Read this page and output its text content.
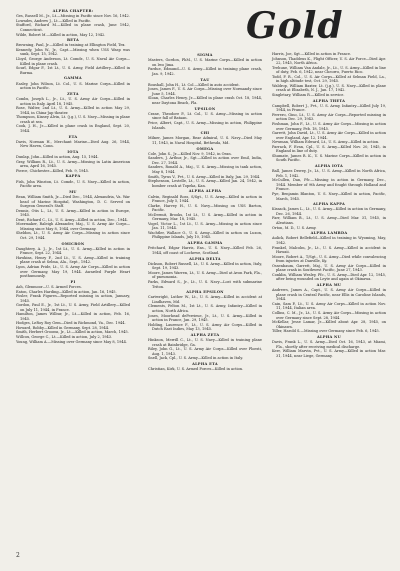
Gold
ALPHA CHAPTER:
Ges, Russell M., Jr., Lt.—Missing in Pacific since Nov. 16, 1942.
Lowndes, Andrew J., Lt.—Killed in Pacific.
Stafford, Richard M.—Killed in plane crash, June 1942, Connecticut.
Wilde, Robert M.—Killed in action, May 12, 1942.
BETA
Browning, Paul, Jr.—Killed in training at Ellington Field, Tex.
Kennedy, John W., Jr., Capt.—Missing when USS Wasp was sunk, Sept. 15, 1942.
Lloyd, George Anderson, Lt. Comdr., U. S. Naval Air Corps—Killed in plane crash.
Sourl, Edgar F., 1st Lt., U. S. Army, Field Artillery—Killed in Burma.
GAMMA
Easley, John Wilson, Lt. Col., U. S. Marine Corps—Killed in action in Pacific.
ZETA
Combs, Joseph L., Jr., Lt., U. S. Army Air Corps—Killed in action in Italy, April 18, 1945.
Rose, Walter, 2nd Lt., U. S. Army—Killed in action May 29, 1944, in China-Jap theater.
Thompson, Kinsey Alvin, Lt. (j.g.), U. S. Navy—Missing in plane crash at sea.
Cook, J. H., Jr.—Killed in plane crash in England, Sept. 20, 1944.
ETA
Davis, Norman H., Merchant Marine—Died Aug. 26, 1944, New Haven, Conn.
IOTA
Dunlap, John—Killed in action, Aug. 15, 1944.
Gray, William R., Lt., U. S. Army—Missing in Latin American area, April 16, 1945.
Pierce, Chichester—Killed, Feb. 9, 1945.
KAPPA
Fish, John Winston, Lt. Comdr., U. S. Navy—Killed in action, Pacific area.
MU
Bean, William Smith, Jr.—Died Dec., 1944, Alexandria, Va. War head of Marine Hospital, Washington, D. C. Served on Surgeon General's Staff.
Dennis, Otis L., Lt., U. S. Army—Killed in action in Europe, 1945.
Dent, Richard C., Lt., U. S. Army—Killed in action, Dec., 1944.
Moermaker, Raleigh Alexander, Maj., U. S. Army Air Corps—Missing since May 8, 1944, over Germany.
Sheldon, Lt., U. S. Army Air Corps—Missing in action since Oct. 29, 1944.
OMICRON
Daughtery, A. J., Jr., 1st Lt., U. S. Army—Killed in action in France, Sept. 22, 1944.
Hawkins, Henry F., 2nd Lt., U. S. Army—Killed in training plane crash at Selma, Ala., Sept., 1942.
Lyon, Adrian Pride, Lt., U. S. Army Air Corps—Killed in action over Germany, May 19, 1944. Awarded Purple Heart posthumously.
PI
Ash, Glenmoor—U. S. Armed Forces.
Eaton, Charles Harding—Killed in action, Jan. 16, 1945.
Fosler, Frank Figures—Reported missing in action, January, 1945.
Gordon, Paul E., Jr., 1st Lt., U. S. Army, Field Artillery—Killed on July 11, 1944, in France.
Hamilton, James Wilbur, Jr., Lt.—Killed in action, Feb. 16, 1945.
Hodges, LeRoy Roy Gem—Died in Richmond, Va., Dec. 1944.
Howard, Robby—Killed in Germany, Sept. 28, 1944.
Smith, Herbert Grooms, Jr., Lt.—Killed in action, March, 1945.
Willcox, George C., Lt.—Killed in action, July 2, 1943.
Young, William A.—Missing over Germany since May 8, 1944.
SIGMA
Masters, Gordon, PhM., U. S. Marine Corps—Killed in action on Iwo Jima.
Pardue, Edmund—U. S. Army—Killed in training plane crash, Jan. 9, 1942.
TAU
Boushall, John H., Lt. Col.—Killed in auto accident.
Jones, James F., U. S. Air Corps—Missing over Normandy since June 5, 1944.
Sloan, Charles Henry, Jr.—Killed in plane crash Oct. 18, 1944, near Daytona Beach, Fla.
UPSILON
Crane, Theodore P., Lt. Col., U. S. Army—Missing in action since fall of Bataan.
Price, Albert, Capt., U. S. Army—Missing in action, Philippine Islands.
CHI
Milner, James Morgan, Rear Admiral, U. S. Navy—Died May 11, 1943, in Naval Hospital, Bethesda, Md.
OMEGA
Cole, John S., Jr.—Killed Nov. 9, 1942, in Oran.
Sanders, J. Arthur, Jr., Sgt.—Killed in action over Emil, India, Dec. 27, 1944.
Sanders, Ronald A., Maj., U. S. Army—Missing in tank action, May 8, 1944.
Smith, Tyrus V., Pvt., U. S. Army—Killed in Italy, Jan. 29, 1944.
Stephenson, Lestelle, Lt., U. S. Army—Killed Jan. 24, 1942, in bomber crash at Topeka, Kan.
ALPHA ALPHA
Calvin, Reginald Ross, S/Sgt., U. S. Army—Killed in action in France, July 5, 1944.
Clarke, Harvey H., U. S. Navy—Missing on USS Barton, Pacific.
McDermit, Brooks, 1st Lt., U. S. Army—Killed in action in Germany, Mar. 18, 1945.
Vogel, Victor L., 1st Lt., U. S. Army—Missing in action since Jan. 11, 1944.
Wachtler, Wallace O., U. S. Army—Killed in action on Luzon, Philippine Islands, July 10, 1945.
ALPHA GAMMA
Pritchard, Edgar Harris, Ens., U. S. Navy—Killed Feb. 26, 1944, off coast of Lochewe, Scotland.
ALPHA DELTA
Dickson, Robert Russell, Lt., U. S. Army—Killed in action, Italy, Sept. 19, 1943.
Moore, James Warren, Lt., U. S. Army—Died at Avon Park, Fla., of pneumonia.
Parks, Edward S., Jr., Lt., U. S. Navy—Lost with submarine Triton.
ALPHA EPSILON
Cartwright, Luther W., Lt., U. S. Army—Killed in accident at Lindhaven, Md.
Clements, Felton M., 1st Lt., U. S. Army, Infantry—Killed in action, North Africa.
Jones, Moorhead deFerrieue, Jr., Lt., U. S. Army—Killed in action in France, Jan. 29, 1945.
Holding, Laurence F., Lt., U. S. Army Air Corps—Killed in Dutch East Indies, May 13, 1945.
ALPHA ZETA
Hinkson, Merrill C., Lt., U. S. Navy—Killed in training plane crash at Bainbridge, Ga.
Riley, John G., Lt., U. S. Army Air Corps—Killed over Ploesti, Aug. 1, 1943.
Snell, Jack, Cpl., U. S. Army—Killed in action in Italy.
ALPHA ETA
Christian, Kirk, U. S. Armed Forces—Killed in action.
Harris, Joe, Sgt.—Killed in action in France.
Johnson, Thaddeus K., Flight Officer, U. S. Air Force—Died Apr. 22, 1945, North Africa.
Trehune, William Van Andale, Jr., Lt., U. S. Army—Killed in line of duty, Feb. 6, 1942, near Cheorro, Puerto Rico.
Todd, F. R., Col., U. S. Air Corps—Killed at Selman Field, La., in high altitude test, Oct. 29, 1945.
Waldrop, William Baxter, Lt. (j.g.), U. S. Navy—Killed in plane crash at Elizabeth, N. J., Jan. 17, 1942.
Singletary, William R.—Killed in service.
ALPHA THETA
Campbell, Robert J., Pvt., U. S. Army, Infantry—Killed July 19, 1944, in France.
Ferrero, Gino, Lt., U. S. Army Air Corps—Reported missing in action Dec. 29, 1943.
Foshman, John F., Lt., U. S. Army Air Corps—Missing in action over Germany, Feb. 18, 1945.
Garrett, John David, Lt., U. S. Army Air Corps—Killed in action over England, Apr. 12, 1944.
Newman, William Edward, Lt., U. S. Army—Killed in action.
Parrack, F. Evan, Cpl., U. S. Army—Killed Nov. 20, 1945, in England in line of duty.
Shumate, James R. K., U. S. Marine Corps—Killed in action in South Pacific.
ALPHA IOTA
Ball, James Dewey, Jr., Lt., U. S. Army—Killed in North Africa, Feb. 1, 1942.
McCullen, Dan, Pfc.—Missing in action in Germany, Dec., 1944. Member of 9th Army and fought through Holland and France.
Pye, Benjamin Blanton, U. S. Navy—Killed in action, Pacific, March, 1945.
ALPHA KAPPA
Kissack, James L., Lt., U. S. Army—Killed in action in Germany, Dec. 26, 1944.
Farr, William B., Lt., U. S. Army—Died Mar. 31, 1945, in Aleutians.
Orton, M. D., U. S. Army.
ALPHA LAMBDA
Aulick, Robert Bellefield—Killed in training in Wyoming, May, 1942.
Frankel, Malcolm, Jr., Lt., U. S. Army—Killed in accident in Hawaii.
Moore, Robert A., T/Sgt., U. S. Army—Died while convalescing from injuries at Danville, Ky.
Ossenbaum, Garrett, Maj., U. S. Army Air Corps—Killed in plane crash in Southwest Pacific, June 27, 1943.
Conklin, William Wesley, Pfc., U. S. Army—Died Apr. 12, 1945, after being wounded on Leyte and again at Okinawa.
ALPHA MU
Andrews, James A., Capt., U. S. Army Air Corps—Killed in plane crash in Central Pacific, near Ellis in Caroline Islands, 1944.
Cain, Sam P., Lt., U. S. Army Air Corps—Killed in action Nov. 11, 1944, Italian area.
Collins, C. M., Jr., Lt., U. S. Army Air Corps—Missing in action over Germany since Sept. 28, 1944.
McKellar, Jesse Lamar, Jr.—Killed about Apr. 28, 1945, on Okinawa.
Tiller, Harold S.—Missing over Germany since Feb. 6, 1945.
ALPHA NU
Davis, Frank L., U. S. Army—Died Oct. 16, 1943, at Miami, Fla., shortly after receiving medical discharge.
Kerr, William Marvin, Pvt., U. S. Army—Killed in action Mar. 31, 1944, near Liege, Germany.
2
